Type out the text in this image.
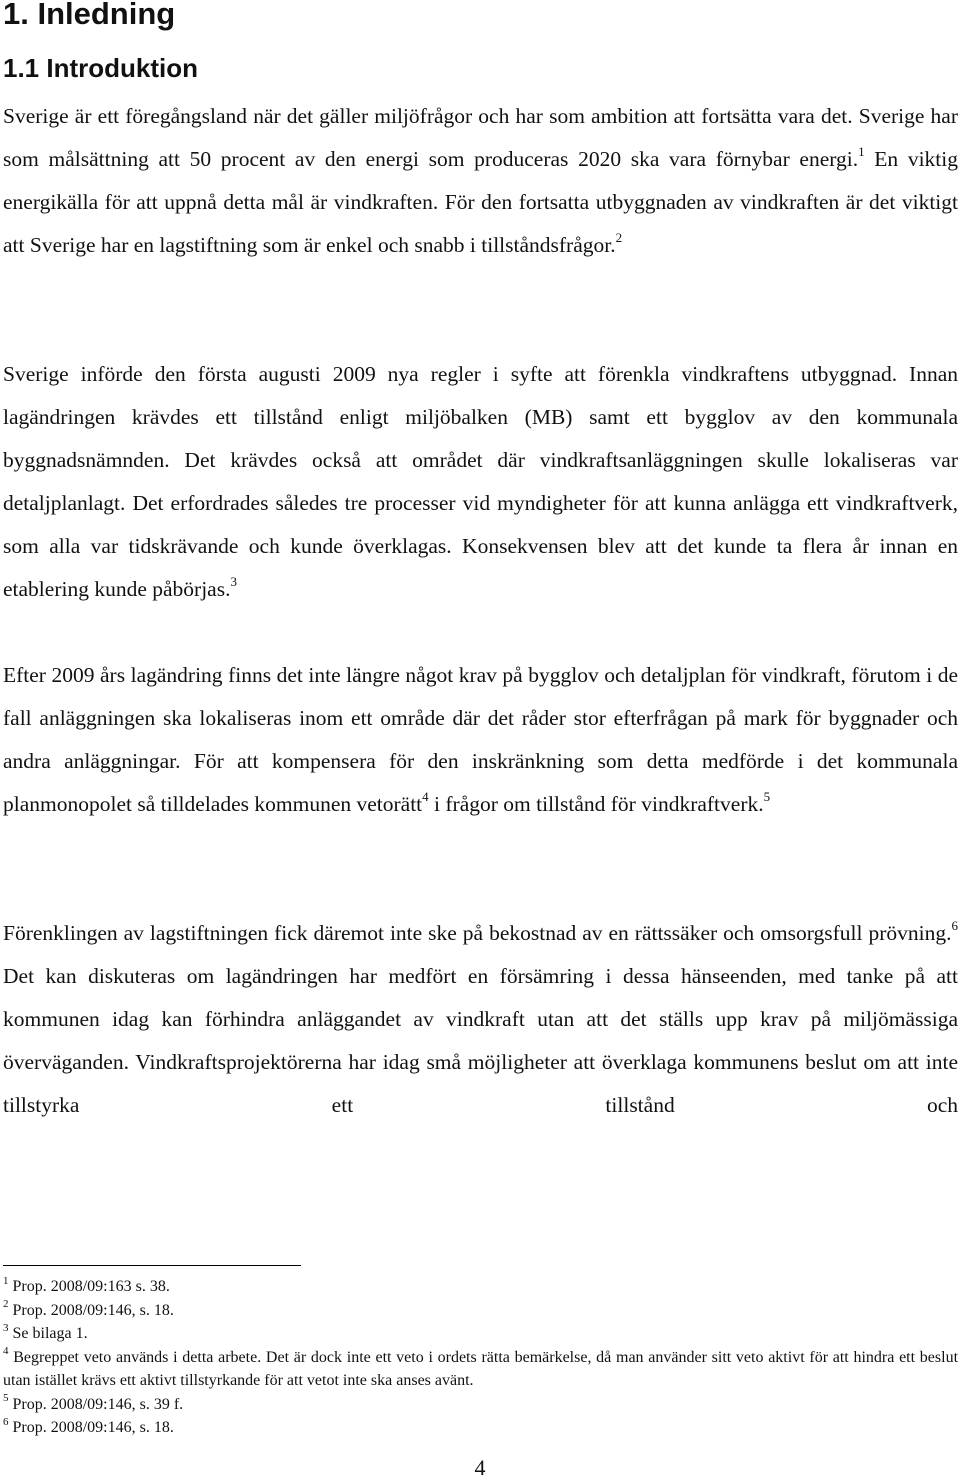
1. Inledning
1.1 Introduktion

Sverige är ett föregångsland när det gäller miljöfrågor och har som ambition att fortsätta vara det. Sverige har som målsättning att 50 procent av den energi som produceras 2020 ska vara förnybar energi.$^1$ En viktig energikälla för att uppnå detta mål är vindkraften. För den fortsatta utbyggnaden av vindkraften är det viktigt att Sverige har en lagstiftning som är enkel och snabb i tillståndsfrågor.$^2$

Sverige införde den första augusti 2009 nya regler i syfte att förenkla vindkraftens utbyggnad. Innan lagändringen krävdes ett tillstånd enligt miljöbalken (MB) samt ett bygglov av den kommunala byggnadsnämnden. Det krävdes också att området där vindkraftsanläggningen skulle lokaliseras var detaljplanlagt. Det erfordrades således tre processer vid myndigheter för att kunna anlägga ett vindkraftverk, som alla var tidskrävande och kunde överklagas. Konsekvensen blev att det kunde ta flera år innan en etablering kunde påbörjas.$^3$

Efter 2009 års lagändring finns det inte längre något krav på bygglov och detaljplan för vindkraft, förutom i de fall anläggningen ska lokaliseras inom ett område där det råder stor efterfrågan på mark för byggnader och andra anläggningar. För att kompensera för den inskränkning som detta medförde i det kommunala planmonopolet så tilldelades kommunen vetorätt$^4$ i frågor om tillstånd för vindkraftverk.$^5$

Förenklingen av lagstiftningen fick däremot inte ske på bekostnad av en rättssäker och omsorgsfull prövning.$^6$ Det kan diskuteras om lagändringen har medfört en försämring i dessa hänseenden, med tanke på att kommunen idag kan förhindra anläggandet av vindkraft utan att det ställs upp krav på miljömässiga överväganden. Vindkraftsprojektörerna har idag små möjligheter att överklaga kommunens beslut om att inte tillstyrka ett tillstånd och

$^1$ Prop. 2008/09:163 s. 38.

$^2$ Prop. 2008/09:146, s. 18.

$^3$ Se bilaga 1.

$^4$ Begreppet veto används i detta arbete. Det är dock inte ett veto i ordets rätta bemärkelse, då man använder sitt veto aktivt för att hindra ett beslut utan istället krävs ett aktivt tillstyrkande för att vetot inte ska anses avänt.

$^5$ Prop. 2008/09:146, s. 39 f.

$^6$ Prop. 2008/09:146, s. 18.

4
